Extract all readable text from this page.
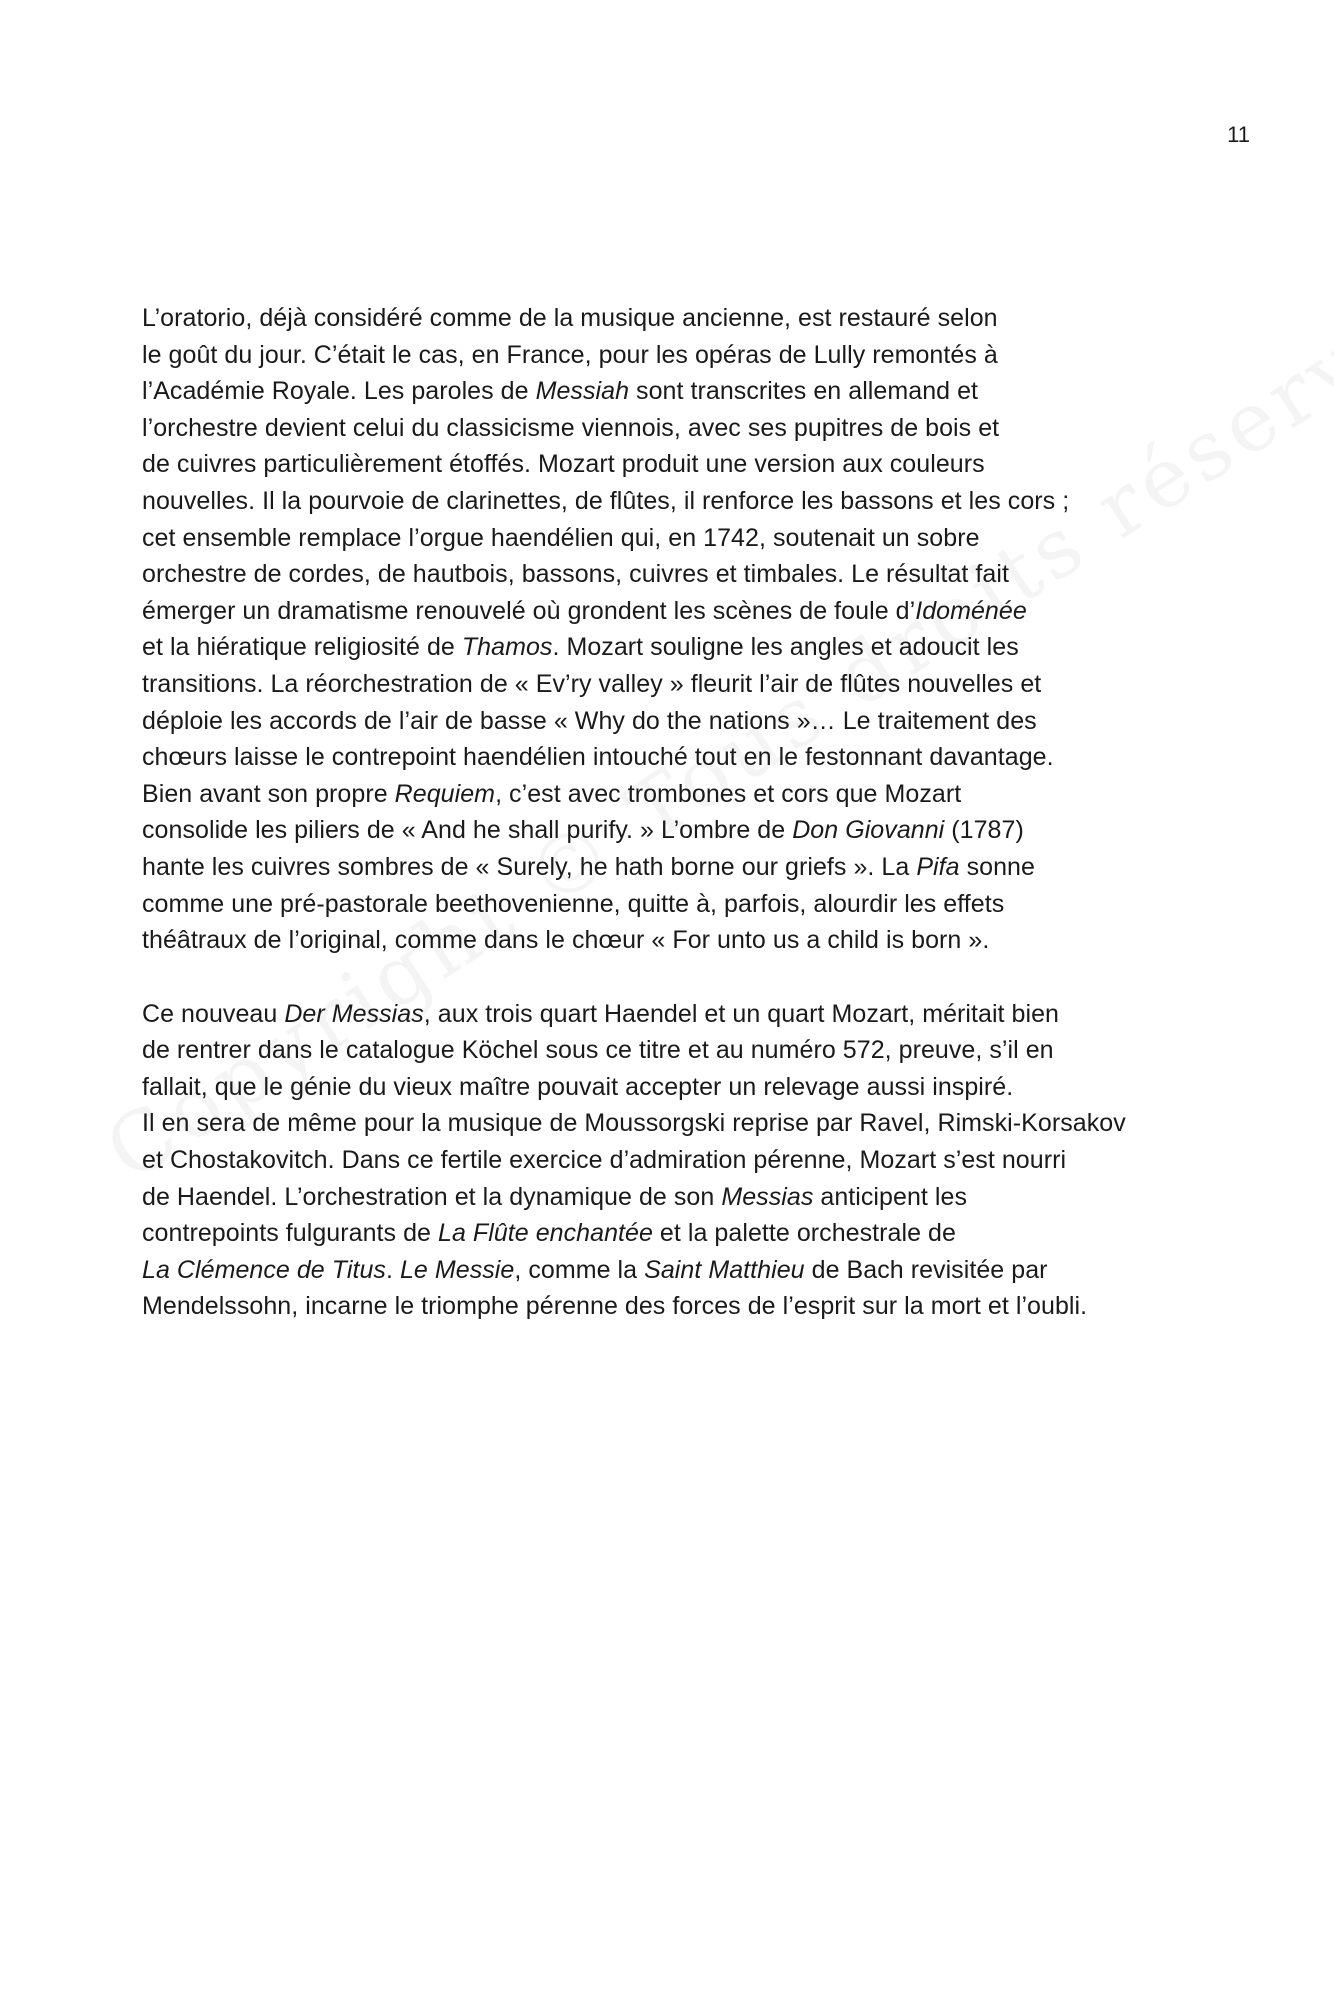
11

L’oratorio, déjà considéré comme de la musique ancienne, est restauré selon
le goût du jour. C’était le cas, en France, pour les opéras de Lully remontés à
l’Académie Royale. Les paroles de Messiah sont transcrites en allemand et
l’orchestre devient celui du classicisme viennois, avec ses pupitres de bois et
de cuivres particulièrement étoffés. Mozart produit une version aux couleurs
nouvelles. Il la pourvoie de clarinettes, de flûtes, il renforce les bassons et les cors ;
cet ensemble remplace l’orgue haendélien qui, en 1742, soutenait un sobre
orchestre de cordes, de hautbois, bassons, cuivres et timbales. Le résultat fait
émerger un dramatisme renouvelé où grondent les scènes de foule d’Idoménée
et la hiératique religiosité de Thamos. Mozart souligne les angles et adoucit les
transitions. La réorchestration de « Ev’ry valley » fleurit l’air de flûtes nouvelles et
déploie les accords de l’air de basse « Why do the nations »… Le traitement des
chœurs laisse le contrepoint haendélien intouché tout en le festonnant davantage.
Bien avant son propre Requiem, c’est avec trombones et cors que Mozart
consolide les piliers de « And he shall purify. » L’ombre de Don Giovanni (1787)
hante les cuivres sombres de « Surely, he hath borne our griefs ». La Pifa sonne
comme une pré-pastorale beethovenienne, quitte à, parfois, alourdir les effets
théâtraux de l’original, comme dans le chœur « For unto us a child is born ».

Ce nouveau Der Messias, aux trois quart Haendel et un quart Mozart, méritait bien
de rentrer dans le catalogue Köchel sous ce titre et au numéro 572, preuve, s’il en
fallait, que le génie du vieux maître pouvait accepter un relevage aussi inspiré.
Il en sera de même pour la musique de Moussorgski reprise par Ravel, Rimski-Korsakov
et Chostakovitch. Dans ce fertile exercice d’admiration pérenne, Mozart s’est nourri
de Haendel. L’orchestration et la dynamique de son Messias anticipent les
contrepoints fulgurants de La Flûte enchantée et la palette orchestrale de
La Clémence de Titus. Le Messie, comme la Saint Matthieu de Bach revisitée par
Mendelssohn, incarne le triomphe pérenne des forces de l’esprit sur la mort et l’oubli.
